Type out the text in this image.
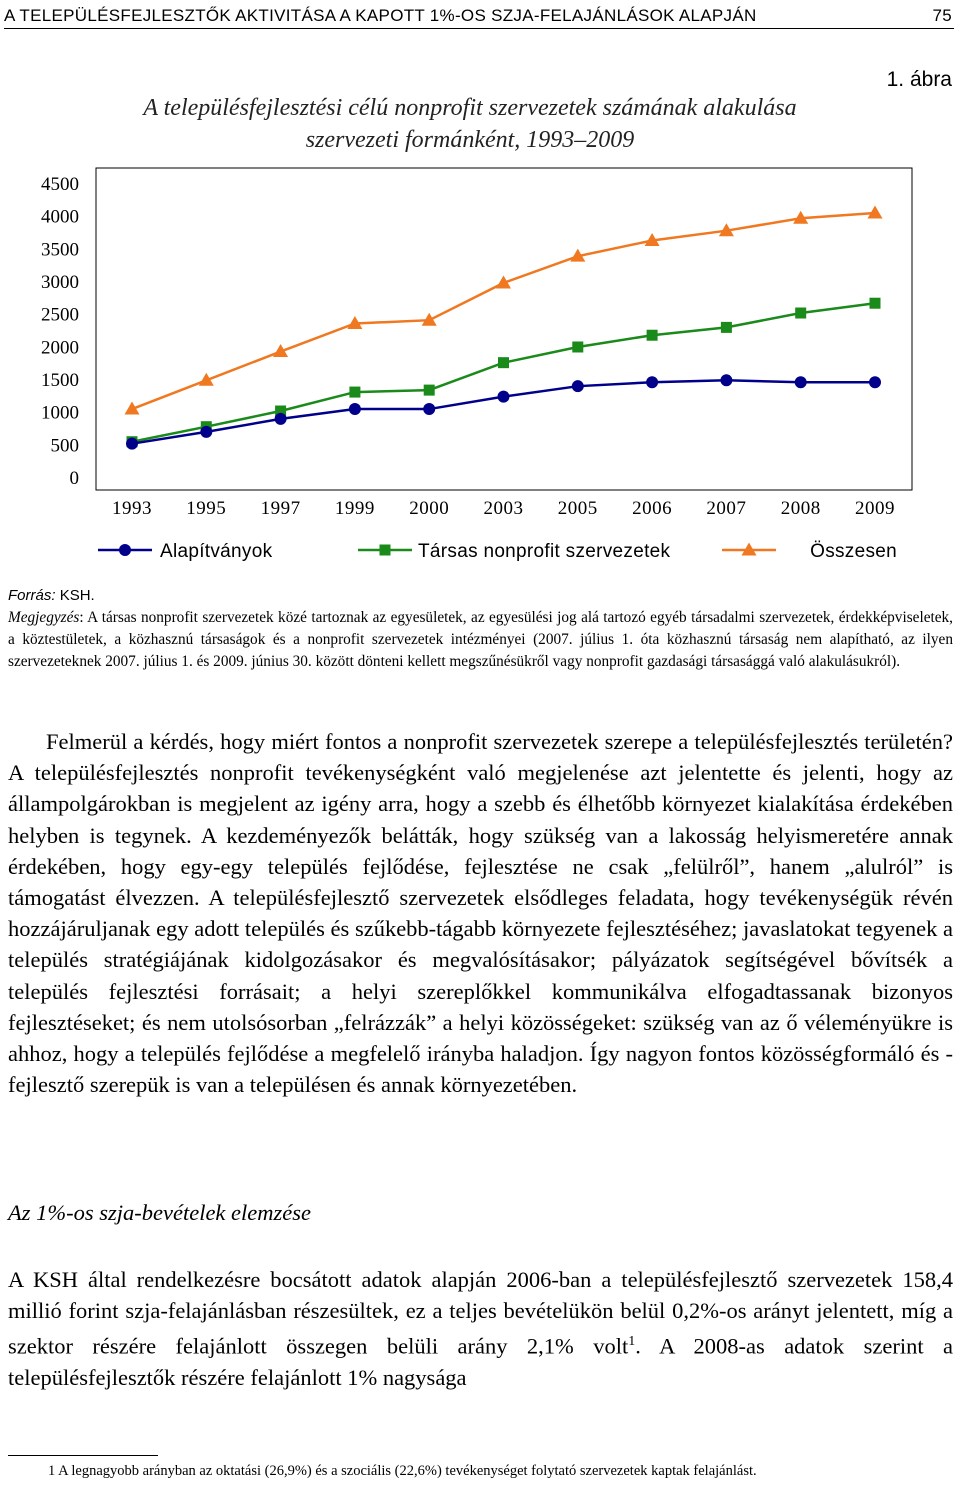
A TELEPÜLÉSFEJLESZTŐK AKTIVITÁSA A KAPOTT 1%-OS SZJA-FELAJÁNLÁSOK ALAPJÁN	75
1. ábra
A településfejlesztési célú nonprofit szervezetek számának alakulása
szervezeti formánként, 1993–2009
4500
4000
3500
3000
2500
2000
1500
1000
500
0
1993 1995 1997 1999 2000 2003 2005 2006 2007 2008 2009
Alapítványok	Társas nonprofit szervezetek	Összesen
Forrás: KSH.

Megjegyzés: A társas nonprofit szervezetek közé tartoznak az egyesületek, az egyesülési jog alá tartozó egyéb társadalmi szervezetek, érdekképviseletek, a köztestületek, a közhasznú társaságok és a nonprofit szervezetek intézményei (2007. július 1. óta közhasznú társaság nem alapítható, az ilyen szervezeteknek 2007. július 1. és 2009. június 30. között dönteni kellett megszűnésükről vagy nonprofit gazdasági társasággá való alakulásukról).

Felmerül a kérdés, hogy miért fontos a nonprofit szervezetek szerepe a településfejlesztés területén? A településfejlesztés nonprofit tevékenységként való megjelenése azt jelentette és jelenti, hogy az állampolgárokban is megjelent az igény arra, hogy a szebb és élhetőbb környezet kialakítása érdekében helyben is tegynek. A kezdeményezők belátták, hogy szükség van a lakosság helyismeretére annak érdekében, hogy egy-egy település fejlődése, fejlesztése ne csak „felülről”, hanem „alulról” is támogatást élvezzen. A településfejlesztő szervezetek elsődleges feladata, hogy tevékenységük révén hozzájáruljanak egy adott település és szűkebb-tágabb környezete fejlesztéséhez; javaslatokat tegyenek a település stratégiájának kidolgozásakor és megvalósításakor; pályázatok segítségével bővítsék a település fejlesztési forrásait; a helyi szereplőkkel kommunikálva elfogadtassanak bizonyos fejlesztéseket; és nem utolsósorban „felrázzák” a helyi közösségeket: szükség van az ő véleményükre is ahhoz, hogy a település fejlődése a megfelelő irányba haladjon. Így nagyon fontos közösségformáló és -fejlesztő szerepük is van a településen és annak környezetében.

Az 1%-os szja-bevételek elemzése

A KSH által rendelkezésre bocsátott adatok alapján 2006-ban a településfejlesztő szervezetek 158,4 millió forint szja-felajánlásban részesültek, ez a teljes bevételükön belül 0,2%-os arányt jelentett, míg a szektor részére felajánlott összegen belüli arány 2,1% volt$^1$. A 2008-as adatok szerint a településfejlesztők részére felajánlott 1% nagysága

1 A legnagyobb arányban az oktatási (26,9%) és a szociális (22,6%) tevékenységet folytató szervezetek kaptak felajánlást.
